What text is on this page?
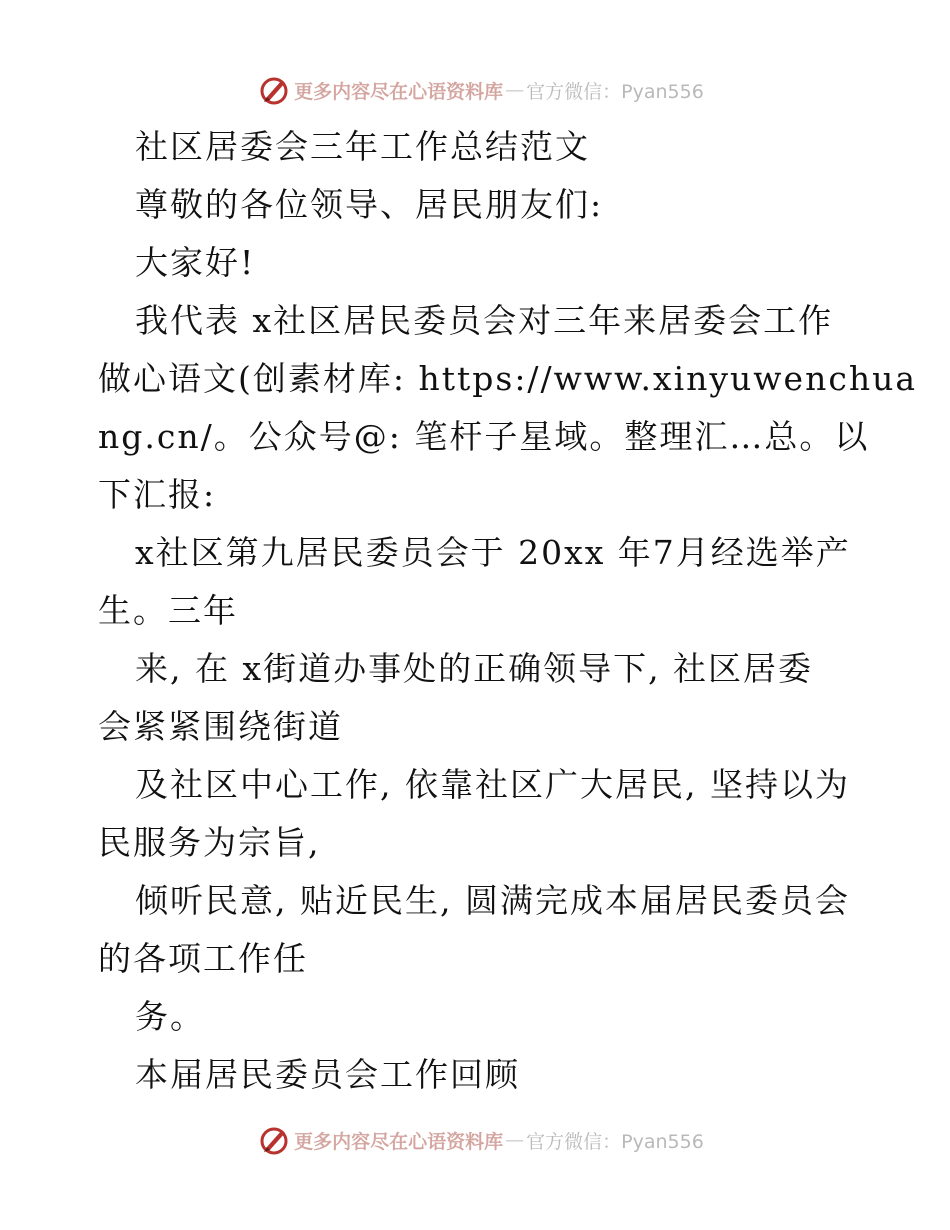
更多内容尽在心语资料库 — 官方微信：Pyan556
社区居委会三年工作总结范文
尊敬的各位领导、居民朋友们:
大家好!
我代表 x社区居民委员会对三年来居委会工作
做心语文(创素材库: https://www.xinyuwenchua
ng.cn/。公众号@: 笔杆子星域。整理汇…总。以
下汇报:
x社区第九居民委员会于 20xx 年7月经选举产
生。三年
来, 在 x街道办事处的正确领导下, 社区居委
会紧紧围绕街道
及社区中心工作, 依靠社区广大居民, 坚持以为
民服务为宗旨,
倾听民意, 贴近民生, 圆满完成本届居民委员会
的各项工作任
务。
本届居民委员会工作回顾
更多内容尽在心语资料库 — 官方微信：Pyan556
